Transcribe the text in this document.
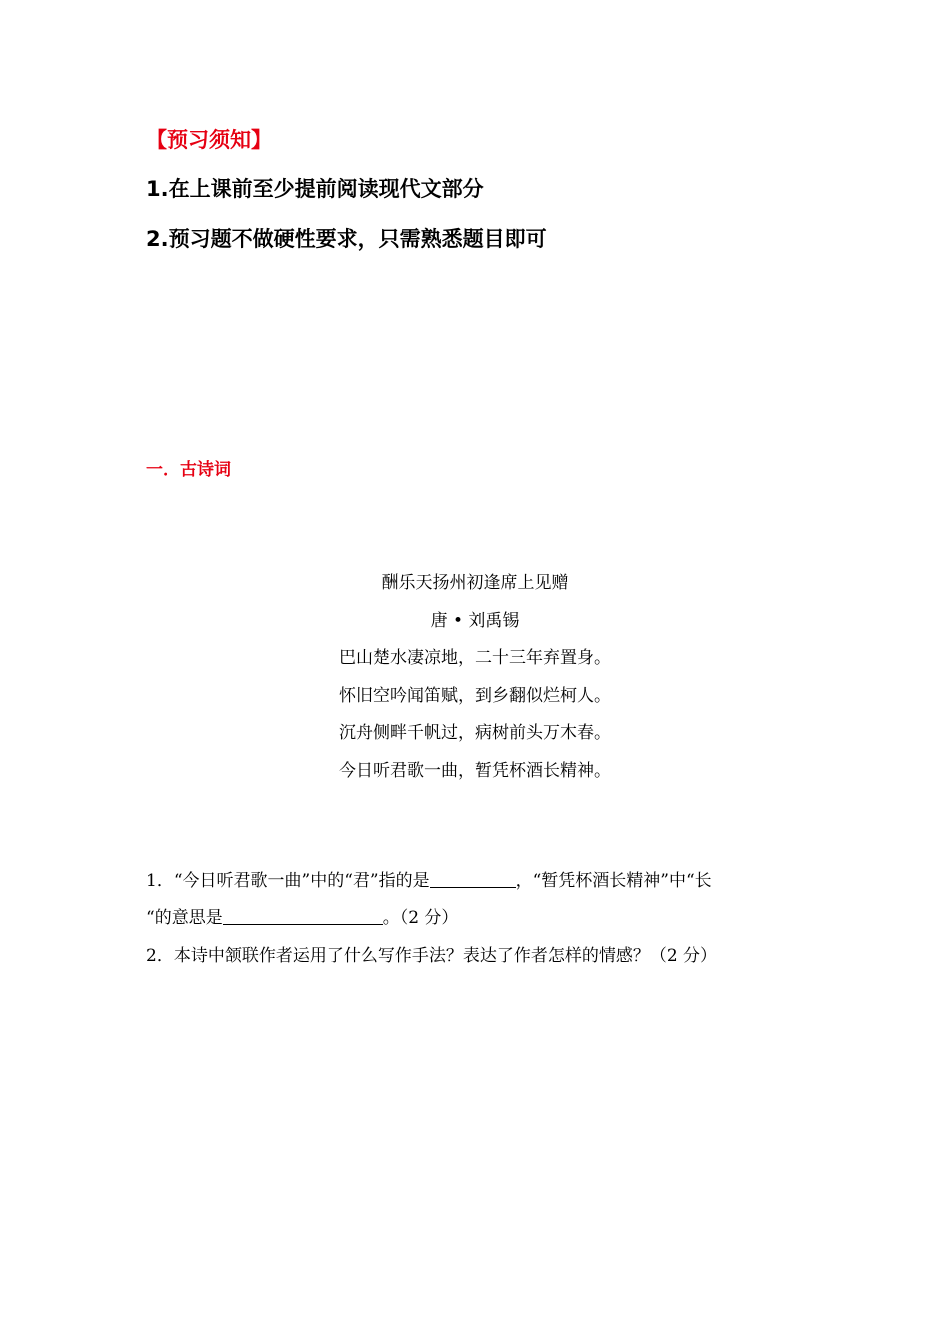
【预习须知】
1.在上课前至少提前阅读现代文部分
2.预习题不做硬性要求，只需熟悉题目即可
一．古诗词
酬乐天扬州初逢席上见赠
唐 • 刘禹锡
巴山楚水凄凉地，二十三年弃置身。
怀旧空吟闻笛赋，到乡翻似烂柯人。
沉舟侧畔千帆过，病树前头万木春。
今日听君歌一曲，暂凭杯酒长精神。
1．“今日听君歌一曲”中的“君”指的是	，“暂凭杯酒长精神”中“长
“的意思是	。（2 分）
2．本诗中颔联作者运用了什么写作手法？表达了作者怎样的情感？（2 分）
